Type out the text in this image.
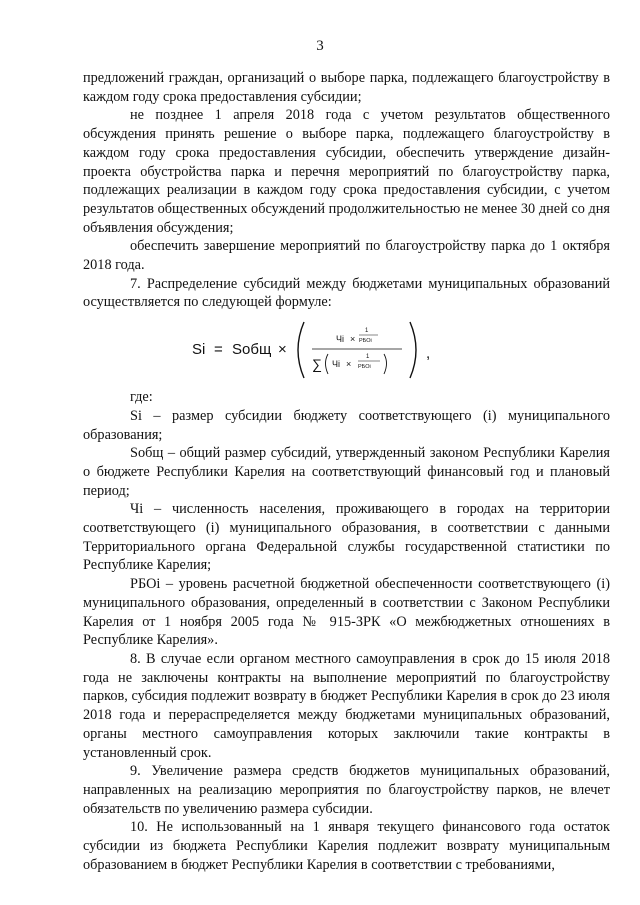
3

предложений граждан, организаций о выборе парка, подлежащего благоустройству в каждом году срока предоставления субсидии;

не позднее 1 апреля 2018 года с учетом результатов общественного обсуждения принять решение о выборе парка, подлежащего благоустройству в каждом году срока предоставления субсидии, обеспечить утверждение дизайн-проекта обустройства парка и перечня мероприятий по благоустройству парка, подлежащих реализации в каждом году срока предоставления субсидии, с учетом результатов общественных обсуждений продолжительностью не менее 30 дней со дня объявления обсуждения;

обеспечить завершение мероприятий по благоустройству парка до 1 октября 2018 года.

7. Распределение субсидий между бюджетами муниципальных образований осуществляется по следующей формуле:

Si = Sобщ ×
Чi ×
1
РБОi
∑ Чi ×
1
РБОi
,

где:

Si – размер субсидии бюджету соответствующего (i) муниципального образования;

Sобщ – общий размер субсидий, утвержденный законом Республики Карелия о бюджете Республики Карелия на соответствующий финансовый год и плановый период;

Чi – численность населения, проживающего в городах на территории соответствующего (i) муниципального образования, в соответствии с данными Территориального органа Федеральной службы государственной статистики по Республике Карелия;

РБОi – уровень расчетной бюджетной обеспеченности соответствующего (i) муниципального образования, определенный в соответствии с Законом Республики Карелия от 1 ноября 2005 года № 915-ЗРК «О межбюджетных отношениях в Республике Карелия».

8. В случае если органом местного самоуправления в срок до 15 июля 2018 года не заключены контракты на выполнение мероприятий по благоустройству парков, субсидия подлежит возврату в бюджет Республики Карелия в срок до 23 июля 2018 года и перераспределяется между бюджетами муниципальных образований, органы местного самоуправления которых заключили такие контракты в установленный срок.

9. Увеличение размера средств бюджетов муниципальных образований, направленных на реализацию мероприятия по благоустройству парков, не влечет обязательств по увеличению размера субсидии.

10. Не использованный на 1 января текущего финансового года остаток субсидии из бюджета Республики Карелия подлежит возврату муниципальным образованием в бюджет Республики Карелия в соответствии с требованиями,
